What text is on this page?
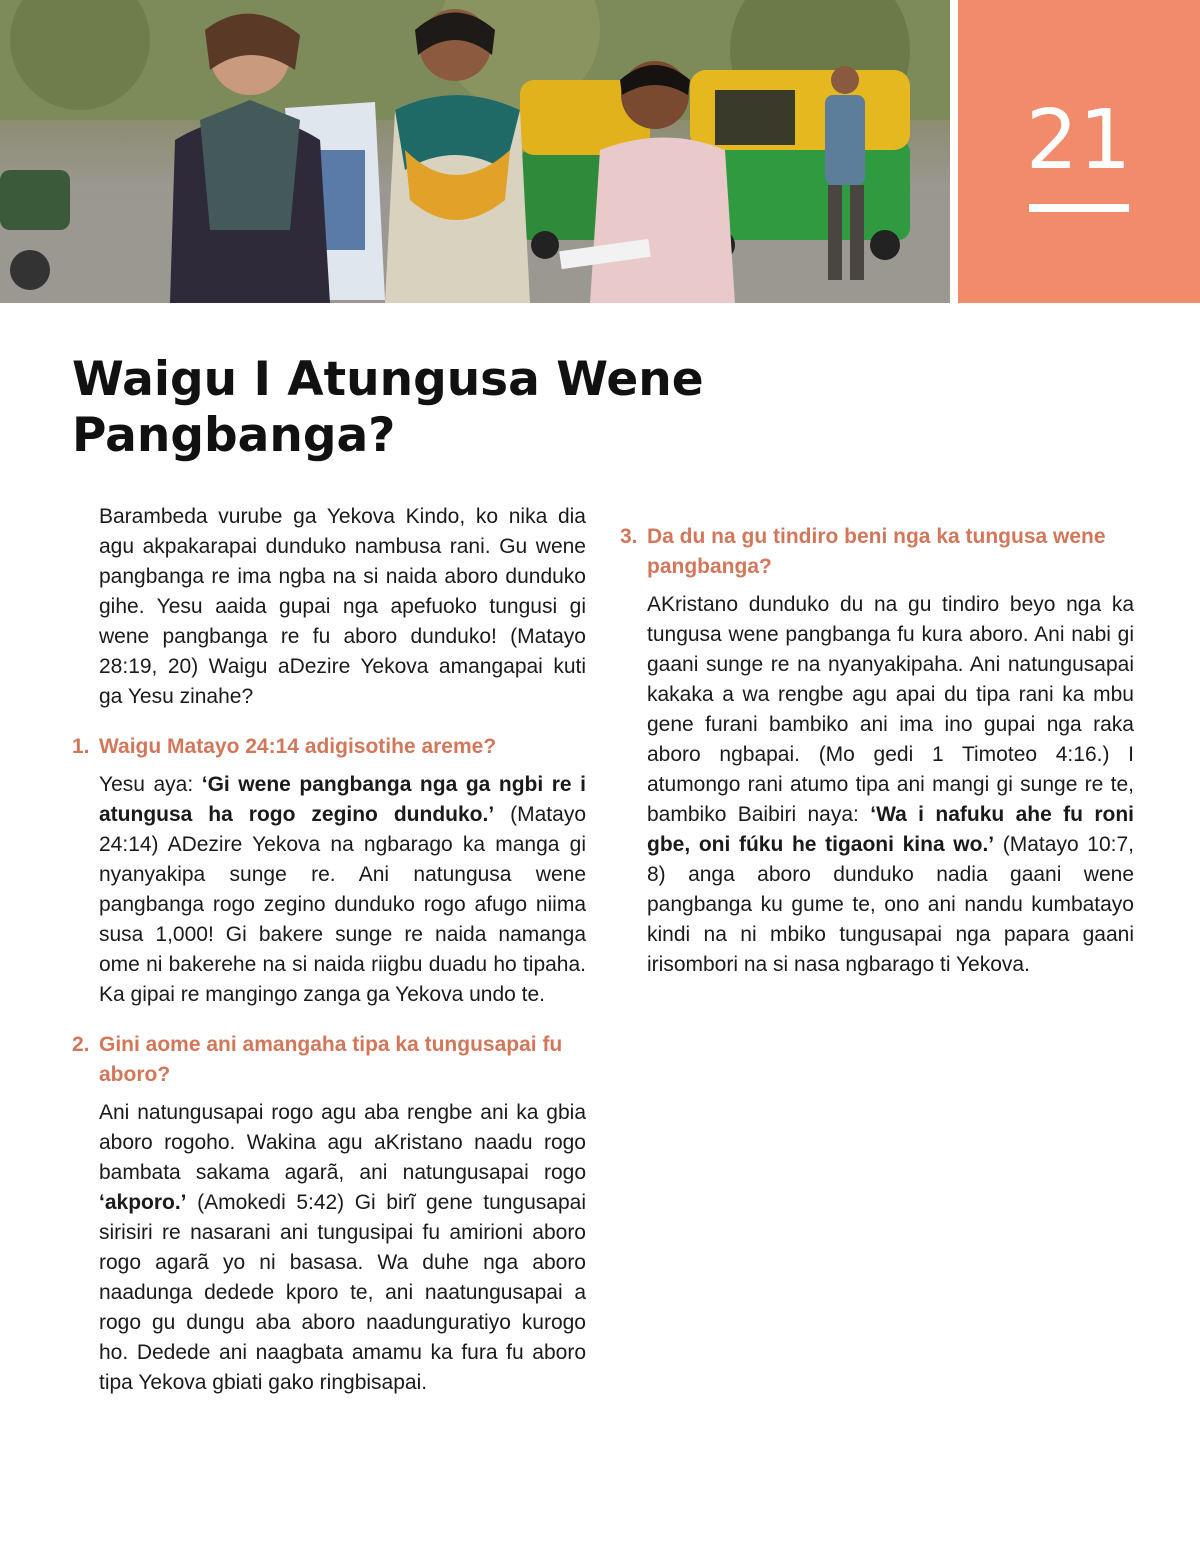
21
Waigu I Atungusa Wene Pangbanga?

Barambeda vurube ga Yekova Kindo, ko nika dia agu akpakarapai dunduko nambusa rani. Gu wene pangbanga re ima ngba na si naida aboro dunduko gihe. Yesu aaida gupai nga apefuoko tungusi gi wene pangbanga re fu aboro dunduko! (Matayo 28:19, 20) Waigu aDezire Yekova amangapai kuti ga Yesu zinahe?

1. Waigu Matayo 24:14 adigisotihe areme?

Yesu aya: ‘Gi wene pangbanga nga ga ngbi re i atungusa ha rogo zegino dunduko.’ (Matayo 24:14) ADezire Yekova na ngbarago ka manga gi nyanyakipa sunge re. Ani natungusa wene pangbanga rogo zegino dunduko rogo afugo niima susa 1,000! Gi bakere sunge re naida namanga ome ni bakerehe na si naida riigbu duadu ho tipaha. Ka gipai re mangingo zanga ga Yekova undo te.

2. Gini aome ani amangaha tipa ka tungusapai fu aboro?

Ani natungusapai rogo agu aba rengbe ani ka gbia aboro rogoho. Wakina agu aKristano naadu rogo bambata sakama agarã, ani natungusapai rogo ‘akporo.’ (Amokedi 5:42) Gi birĩ gene tungusapai sirisiri re nasarani ani tungusipai fu amirioni aboro rogo agarã yo ni basasa. Wa duhe nga aboro naadunga dedede kporo te, ani naatungusapai a rogo gu dungu aba aboro naadunguratiyo kurogo ho. Dedede ani naagbata amamu ka fura fu aboro tipa Yekova gbiati gako ringbisapai.

3. Da du na gu tindiro beni nga ka tungusa wene pangbanga?

AKristano dunduko du na gu tindiro beyo nga ka tungusa wene pangbanga fu kura aboro. Ani nabi gi gaani sunge re na nyanyakipaha. Ani natungusapai kakaka a wa rengbe agu apai du tipa rani ka mbu gene furani bambiko ani ima ino gupai nga raka aboro ngbapai. (Mo gedi 1 Timoteo 4:16.) I atumongo rani atumo tipa ani mangi gi sunge re te, bambiko Baibiri naya: ‘Wa i nafuku ahe fu roni gbe, oni fúku he tigaoni kina wo.’ (Matayo 10:7, 8) anga aboro dunduko nadia gaani wene pangbanga ku gume te, ono ani nandu kumbatayo kindi na ni mbiko tungusapai nga papara gaani irisombori na si nasa ngbarago ti Yekova.
